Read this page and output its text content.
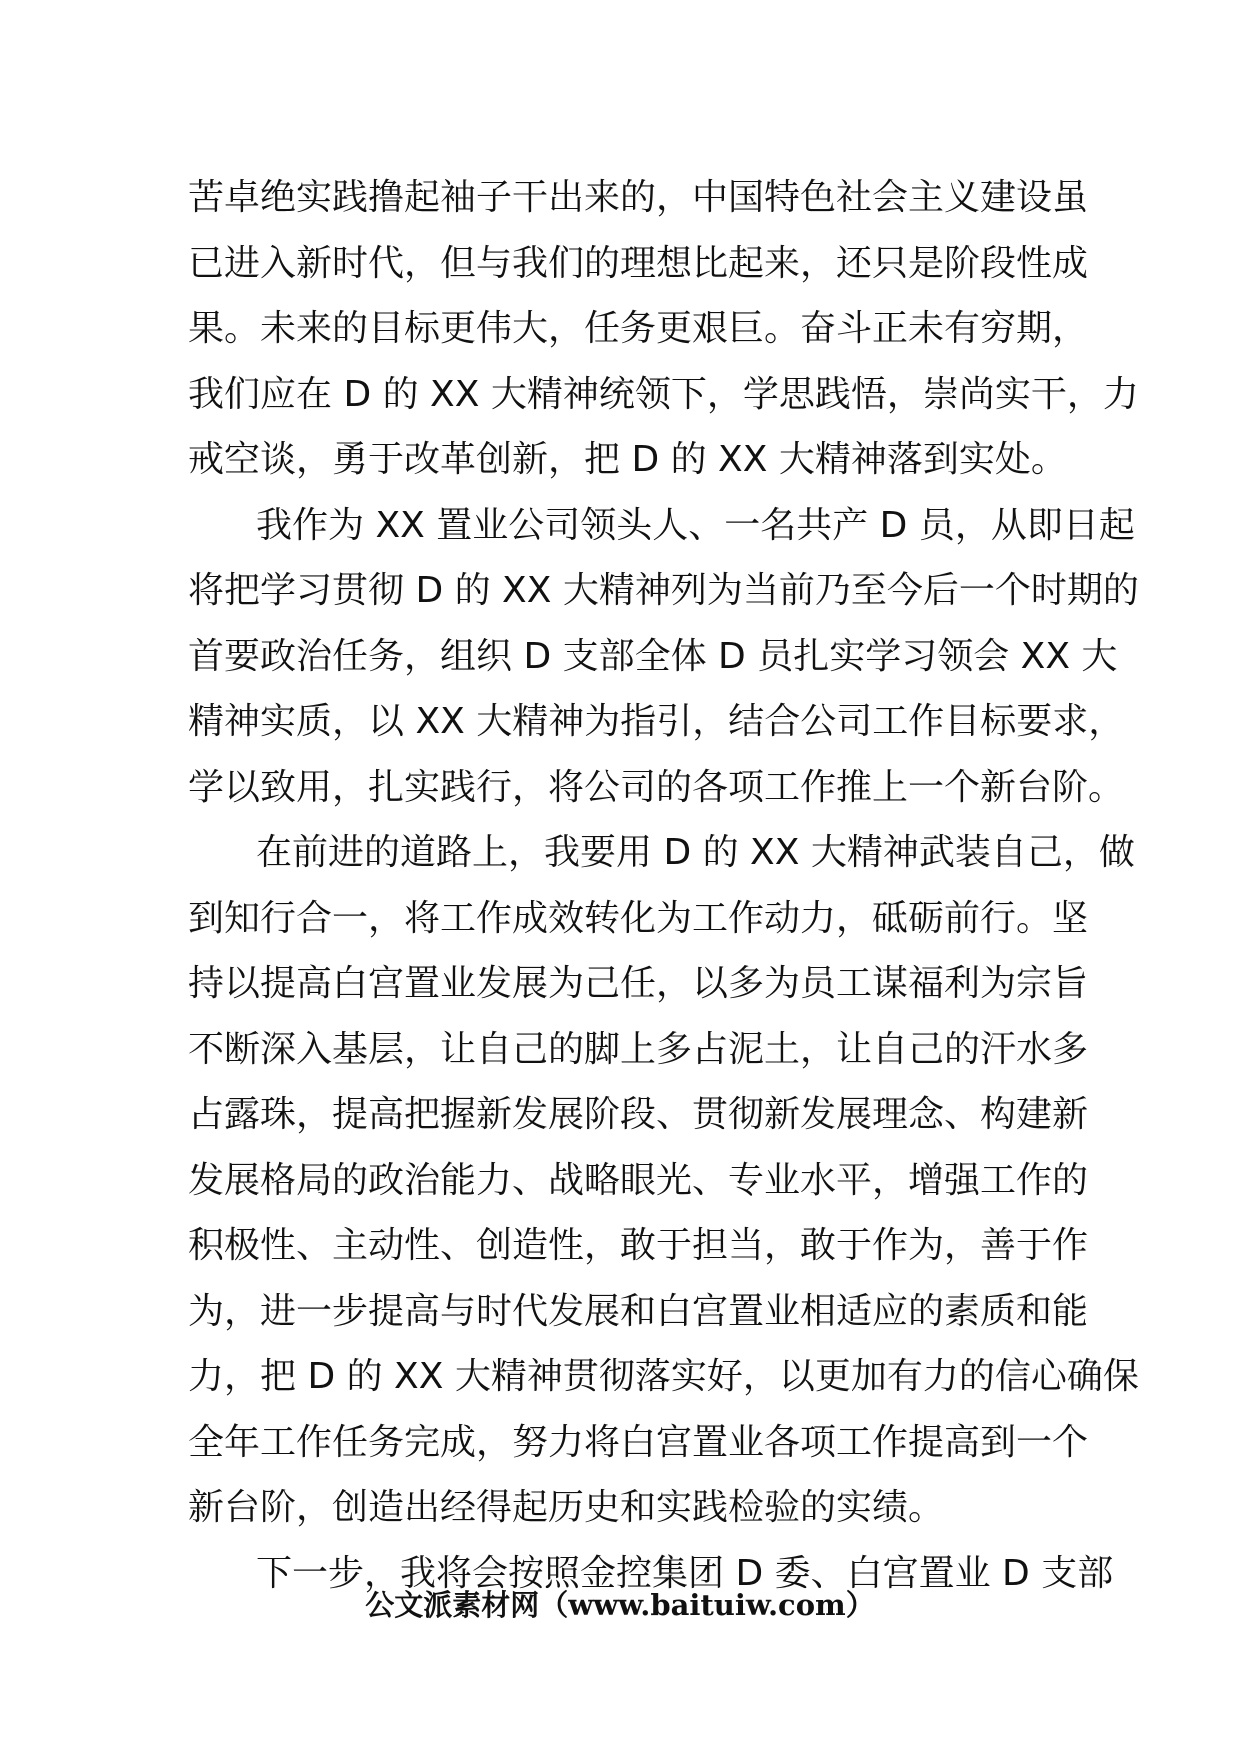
苦卓绝实践撸起袖子干出来的，中国特色社会主义建设虽
已进入新时代，但与我们的理想比起来，还只是阶段性成
果。未来的目标更伟大，任务更艰巨。奋斗正未有穷期，
我们应在 D 的 XX 大精神统领下，学思践悟，崇尚实干，力
戒空谈，勇于改革创新，把 D 的 XX 大精神落到实处。
我作为 XX 置业公司领头人、一名共产 D 员，从即日起
将把学习贯彻 D 的 XX 大精神列为当前乃至今后一个时期的
首要政治任务，组织 D 支部全体 D 员扎实学习领会 XX 大
精神实质，以 XX 大精神为指引，结合公司工作目标要求，
学以致用，扎实践行，将公司的各项工作推上一个新台阶。
在前进的道路上，我要用 D 的 XX 大精神武装自己，做
到知行合一，将工作成效转化为工作动力，砥砺前行。坚
持以提高白宫置业发展为己任，以多为员工谋福利为宗旨
不断深入基层，让自己的脚上多占泥土，让自己的汗水多
占露珠，提高把握新发展阶段、贯彻新发展理念、构建新
发展格局的政治能力、战略眼光、专业水平，增强工作的
积极性、主动性、创造性，敢于担当，敢于作为，善于作
为，进一步提高与时代发展和白宫置业相适应的素质和能
力，把 D 的 XX 大精神贯彻落实好，以更加有力的信心确保
全年工作任务完成，努力将白宫置业各项工作提高到一个
新台阶，创造出经得起历史和实践检验的实绩。
下一步，我将会按照金控集团 D 委、白宫置业 D 支部
公文派素材网（www.baituiw.com）
